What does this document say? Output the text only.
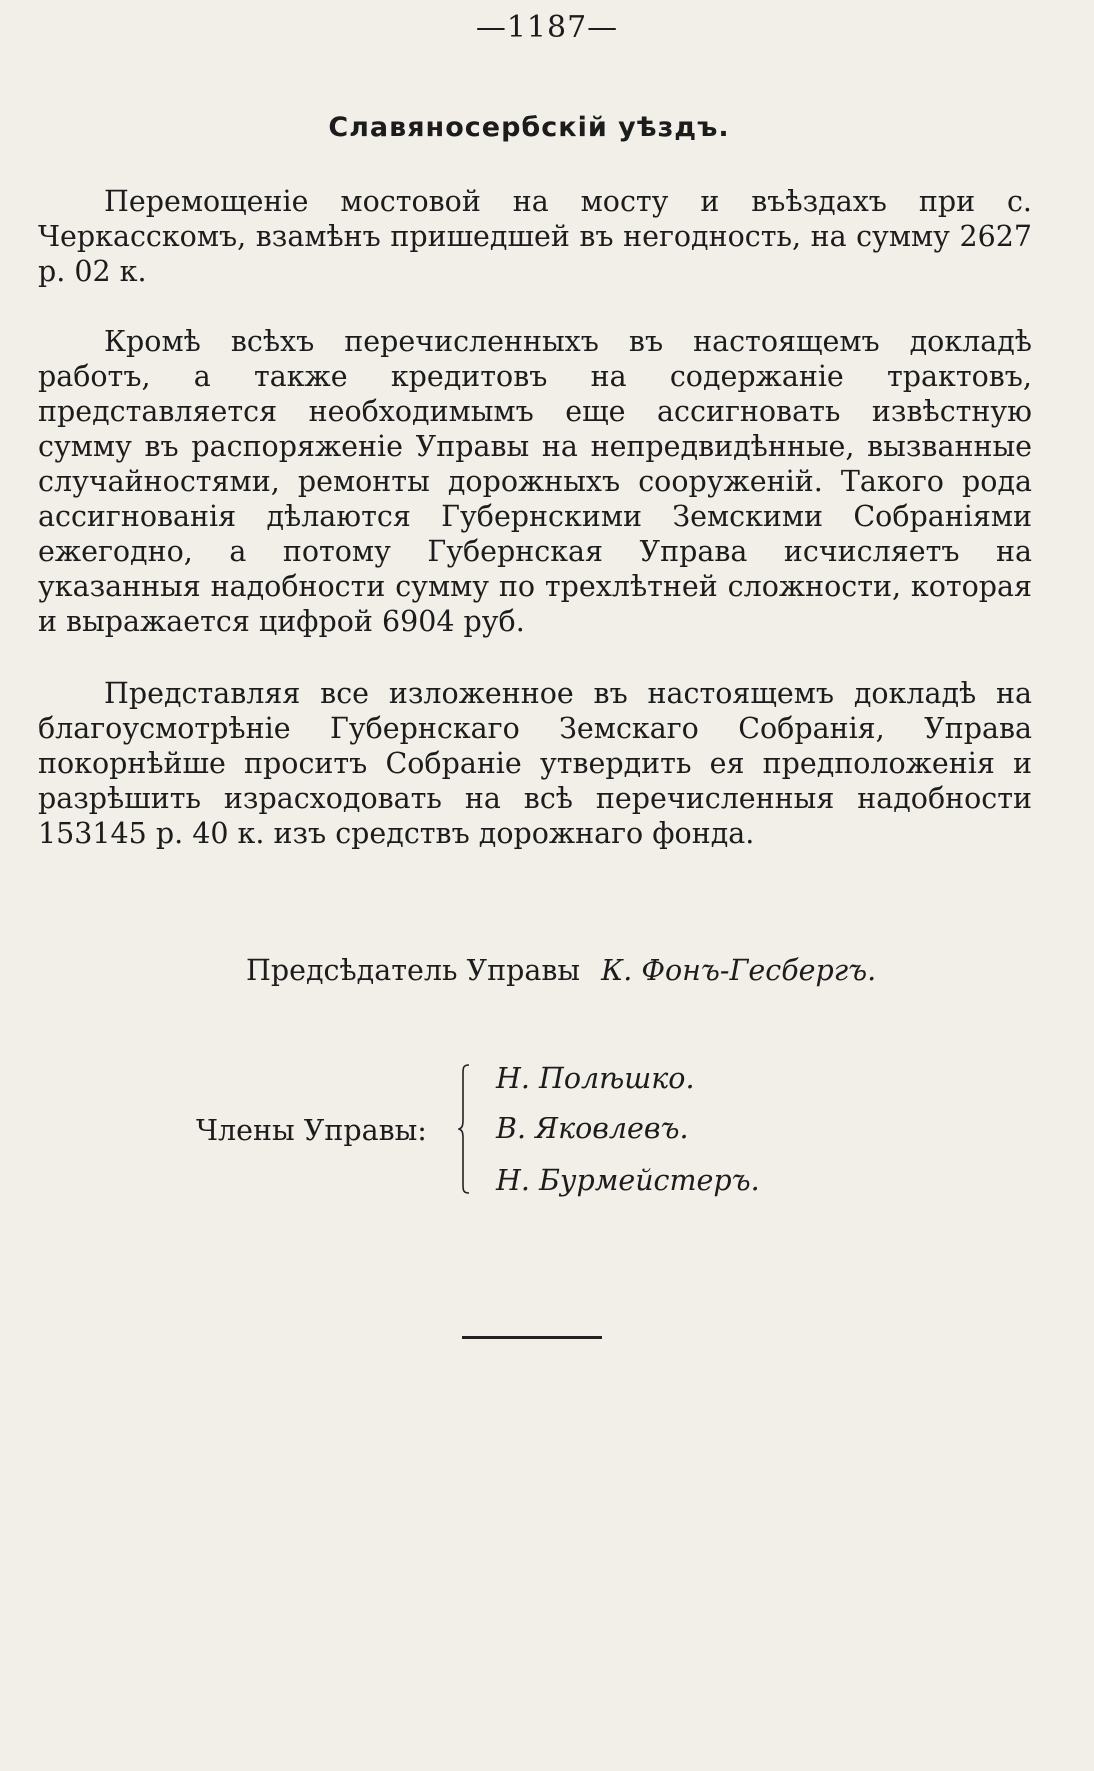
—1187—
Славяносербскій уѣздъ.

Перемощеніе мостовой на мосту и въѣздахъ при с. Черкасскомъ, взамѣнъ пришедшей въ негодность, на сумму 2627 р. 02 к.

Кромѣ всѣхъ перечисленныхъ въ настоящемъ докладѣ работъ, а также кредитовъ на содержаніе трактовъ, представляется необходимымъ еще ассигновать извѣстную сумму въ распоряженіе Управы на непредвидѣнные, вызванные случайностями, ремонты дорожныхъ сооруженій. Такого рода ассигнованія дѣлаются Губернскими Земскими Собраніями ежегодно, а потому Губернская Управа исчисляетъ на указанныя надобности сумму по трехлѣтней сложности, которая и выражается цифрой 6904 руб.

Представляя все изложенное въ настоящемъ докладѣ на благоусмотрѣніе Губернскаго Земскаго Собранія, Управа покорнѣйше проситъ Собраніе утвердить ея предположенія и разрѣшить израсходовать на всѣ перечисленныя надобности 153145 р. 40 к. изъ средствъ дорожнаго фонда.

Предсѣдатель Управы К. Фонъ-Гесбергъ.
Члены Управы:
Н. Полѣшко.
В. Яковлевъ.
Н. Бурмейстеръ.
